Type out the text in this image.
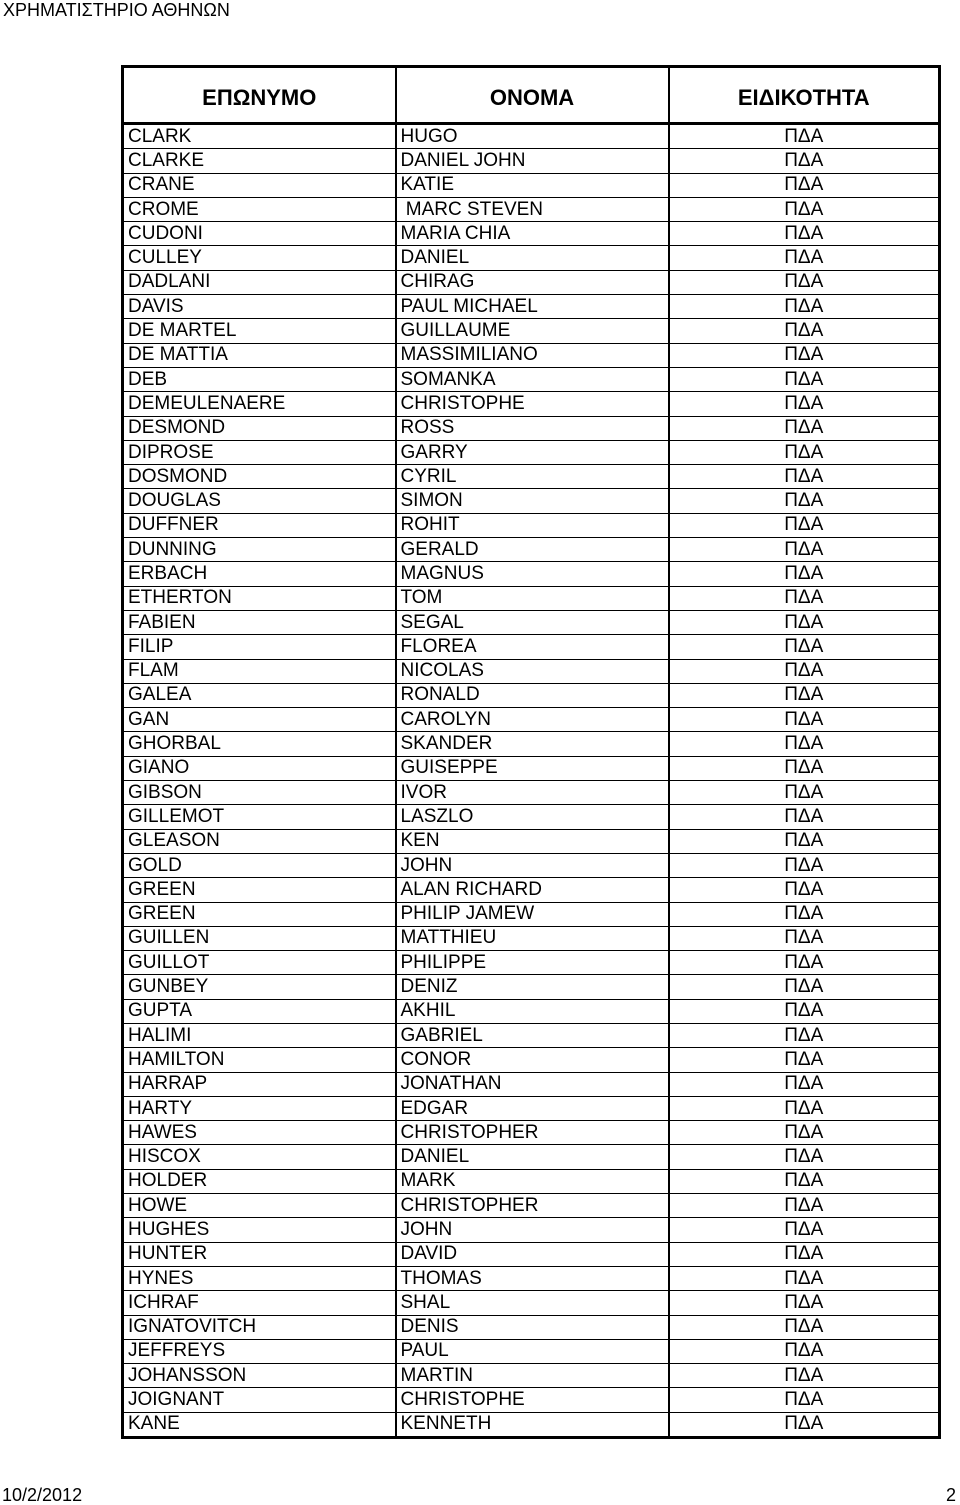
ΧΡΗΜΑΤΙΣΤΗΡΙΟ ΑΘΗΝΩΝ
ΕΠΩΝΥΜΟ	ΟΝΟΜΑ	ΕΙΔΙΚΟΤΗΤΑ
CLARK	HUGO	ΠΔΑ
CLARKE	DANIEL JOHN	ΠΔΑ
CRANE	KATIE	ΠΔΑ
CROME	MARC STEVEN	ΠΔΑ
CUDONI	MARIA CHIA	ΠΔΑ
CULLEY	DANIEL	ΠΔΑ
DADLANI	CHIRAG	ΠΔΑ
DAVIS	PAUL MICHAEL	ΠΔΑ
DE MARTEL	GUILLAUME	ΠΔΑ
DE MATTIA	MASSIMILIANO	ΠΔΑ
DEB	SOMANKA	ΠΔΑ
DEMEULENAERE	CHRISTOPHE	ΠΔΑ
DESMOND	ROSS	ΠΔΑ
DIPROSE	GARRY	ΠΔΑ
DOSMOND	CYRIL	ΠΔΑ
DOUGLAS	SIMON	ΠΔΑ
DUFFNER	ROHIT	ΠΔΑ
DUNNING	GERALD	ΠΔΑ
ERBACH	MAGNUS	ΠΔΑ
ETHERTON	TOM	ΠΔΑ
FABIEN	SEGAL	ΠΔΑ
FILIP	FLOREA	ΠΔΑ
FLAM	NICOLAS	ΠΔΑ
GALEA	RONALD	ΠΔΑ
GAN	CAROLYN	ΠΔΑ
GHORBAL	SKANDER	ΠΔΑ
GIANO	GUISEPPE	ΠΔΑ
GIBSON	IVOR	ΠΔΑ
GILLEMOT	LASZLO	ΠΔΑ
GLEASON	KEN	ΠΔΑ
GOLD	JOHN	ΠΔΑ
GREEN	ALAN RICHARD	ΠΔΑ
GREEN	PHILIP JAMEW	ΠΔΑ
GUILLEN	MATTHIEU	ΠΔΑ
GUILLOT	PHILIPPE	ΠΔΑ
GUNBEY	DENIZ	ΠΔΑ
GUPTA	AKHIL	ΠΔΑ
HALIMI	GABRIEL	ΠΔΑ
HAMILTON	CONOR	ΠΔΑ
HARRAP	JONATHAN	ΠΔΑ
HARTY	EDGAR	ΠΔΑ
HAWES	CHRISTOPHER	ΠΔΑ
HISCOX	DANIEL	ΠΔΑ
HOLDER	MARK	ΠΔΑ
HOWE	CHRISTOPHER	ΠΔΑ
HUGHES	JOHN	ΠΔΑ
HUNTER	DAVID	ΠΔΑ
HYNES	THOMAS	ΠΔΑ
ICHRAF	SHAL	ΠΔΑ
IGNATOVITCH	DENIS	ΠΔΑ
JEFFREYS	PAUL	ΠΔΑ
JOHANSSON	MARTIN	ΠΔΑ
JOIGNANT	CHRISTOPHE	ΠΔΑ
KANE	KENNETH	ΠΔΑ
10/2/2012	2
